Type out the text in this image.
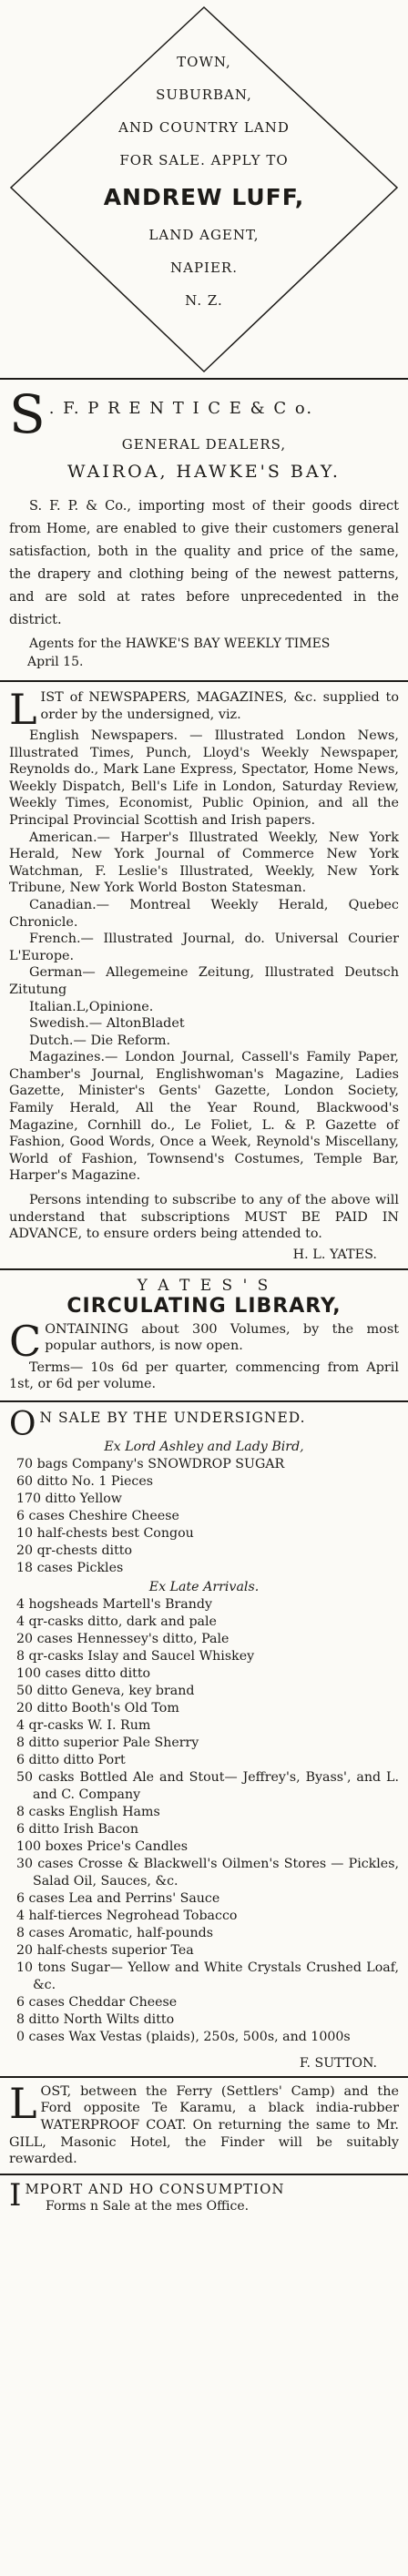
TOWN,
SUBURBAN,
AND COUNTRY LAND
FOR SALE. APPLY TO
ANDREW LUFF,
LAND AGENT,
NAPIER.
N. Z.
S . F. P R E N T I C E & C o.
GENERAL DEALERS,
WAIROA, HAWKE'S BAY.

S. F. P. & Co., importing most of their goods direct from Home, are enabled to give their customers general satisfaction, both in the quality and price of the same, the drapery and clothing being of the newest patterns, and are sold at rates before unprecedented in the district.

Agents for the HAWKE'S BAY WEEKLY TIMES

April 15.

L IST of NEWSPAPERS, MAGAZINES, &c. supplied to order by the undersigned, viz.

English Newspapers. — Illustrated London News, Illustrated Times, Punch, Lloyd's Weekly Newspaper, Reynolds do., Mark Lane Express, Spectator, Home News, Weekly Dispatch, Bell's Life in London, Saturday Review, Weekly Times, Economist, Public Opinion, and all the Principal Provincial Scottish and Irish papers.

American.— Harper's Illustrated Weekly, New York Herald, New York Journal of Commerce New York Watchman, F. Leslie's Illustrated, Weekly, New York Tribune, New York World Boston Statesman.

Canadian.— Montreal Weekly Herald, Quebec Chronicle.

French.— Illustrated Journal, do. Universal Courier L'Europe.

German— Allegemeine Zeitung, Illustrated Deutsch Zitutung

Italian.L,Opinione.

Swedish.— AltonBladet

Dutch.— Die Reform.

Magazines.— London Journal, Cassell's Family Paper, Chamber's Journal, Englishwoman's Magazine, Ladies Gazette, Minister's Gents' Gazette, London Society, Family Herald, All the Year Round, Blackwood's Magazine, Cornhill do., Le Foliet, L. & P. Gazette of Fashion, Good Words, Once a Week, Reynold's Miscellany, World of Fashion, Townsend's Costumes, Temple Bar, Harper's Magazine.

Persons intending to subscribe to any of the above will understand that subscriptions MUST BE PAID IN ADVANCE, to ensure orders being attended to.

H. L. YATES.

Y A T E S ' S
CIRCULATING LIBRARY,
C ONTAINING about 300 Volumes, by the most popular authors, is now open.

Terms— 10s 6d per quarter, commencing from April 1st, or 6d per volume.

O N SALE BY THE UNDERSIGNED.
Ex Lord Ashley and Lady Bird,

70 bags Company's SNOWDROP SUGAR

60 ditto No. 1 Pieces

170 ditto Yellow

6 cases Cheshire Cheese

10 half-chests best Congou

20 qr-chests ditto

18 cases Pickles

Ex Late Arrivals.

4 hogsheads Martell's Brandy

4 qr-casks ditto, dark and pale

20 cases Hennessey's ditto, Pale

8 qr-casks Islay and Saucel Whiskey

100 cases ditto ditto

50 ditto Geneva, key brand

20 ditto Booth's Old Tom

4 qr-casks W. I. Rum

8 ditto superior Pale Sherry

6 ditto ditto Port

50 casks Bottled Ale and Stout— Jeffrey's, Byass', and L. and C. Company

8 casks English Hams

6 ditto Irish Bacon

100 boxes Price's Candles

30 cases Crosse & Blackwell's Oilmen's Stores — Pickles, Salad Oil, Sauces, &c.

6 cases Lea and Perrins' Sauce

4 half-tierces Negrohead Tobacco

8 cases Aromatic, half-pounds

20 half-chests superior Tea

10 tons Sugar— Yellow and White Crystals Crushed Loaf, &c.

6 cases Cheddar Cheese

8 ditto North Wilts ditto

0 cases Wax Vestas (plaids), 250s, 500s, and 1000s

F. SUTTON.

L OST, between the Ferry (Settlers' Camp) and the Ford opposite Te Karamu, a black india-rubber WATERPROOF COAT. On returning the same to Mr. GILL, Masonic Hotel, the Finder will be suitably rewarded.
I MPORT AND HO CONSUMPTION
Forms n Sale at the mes Office.
